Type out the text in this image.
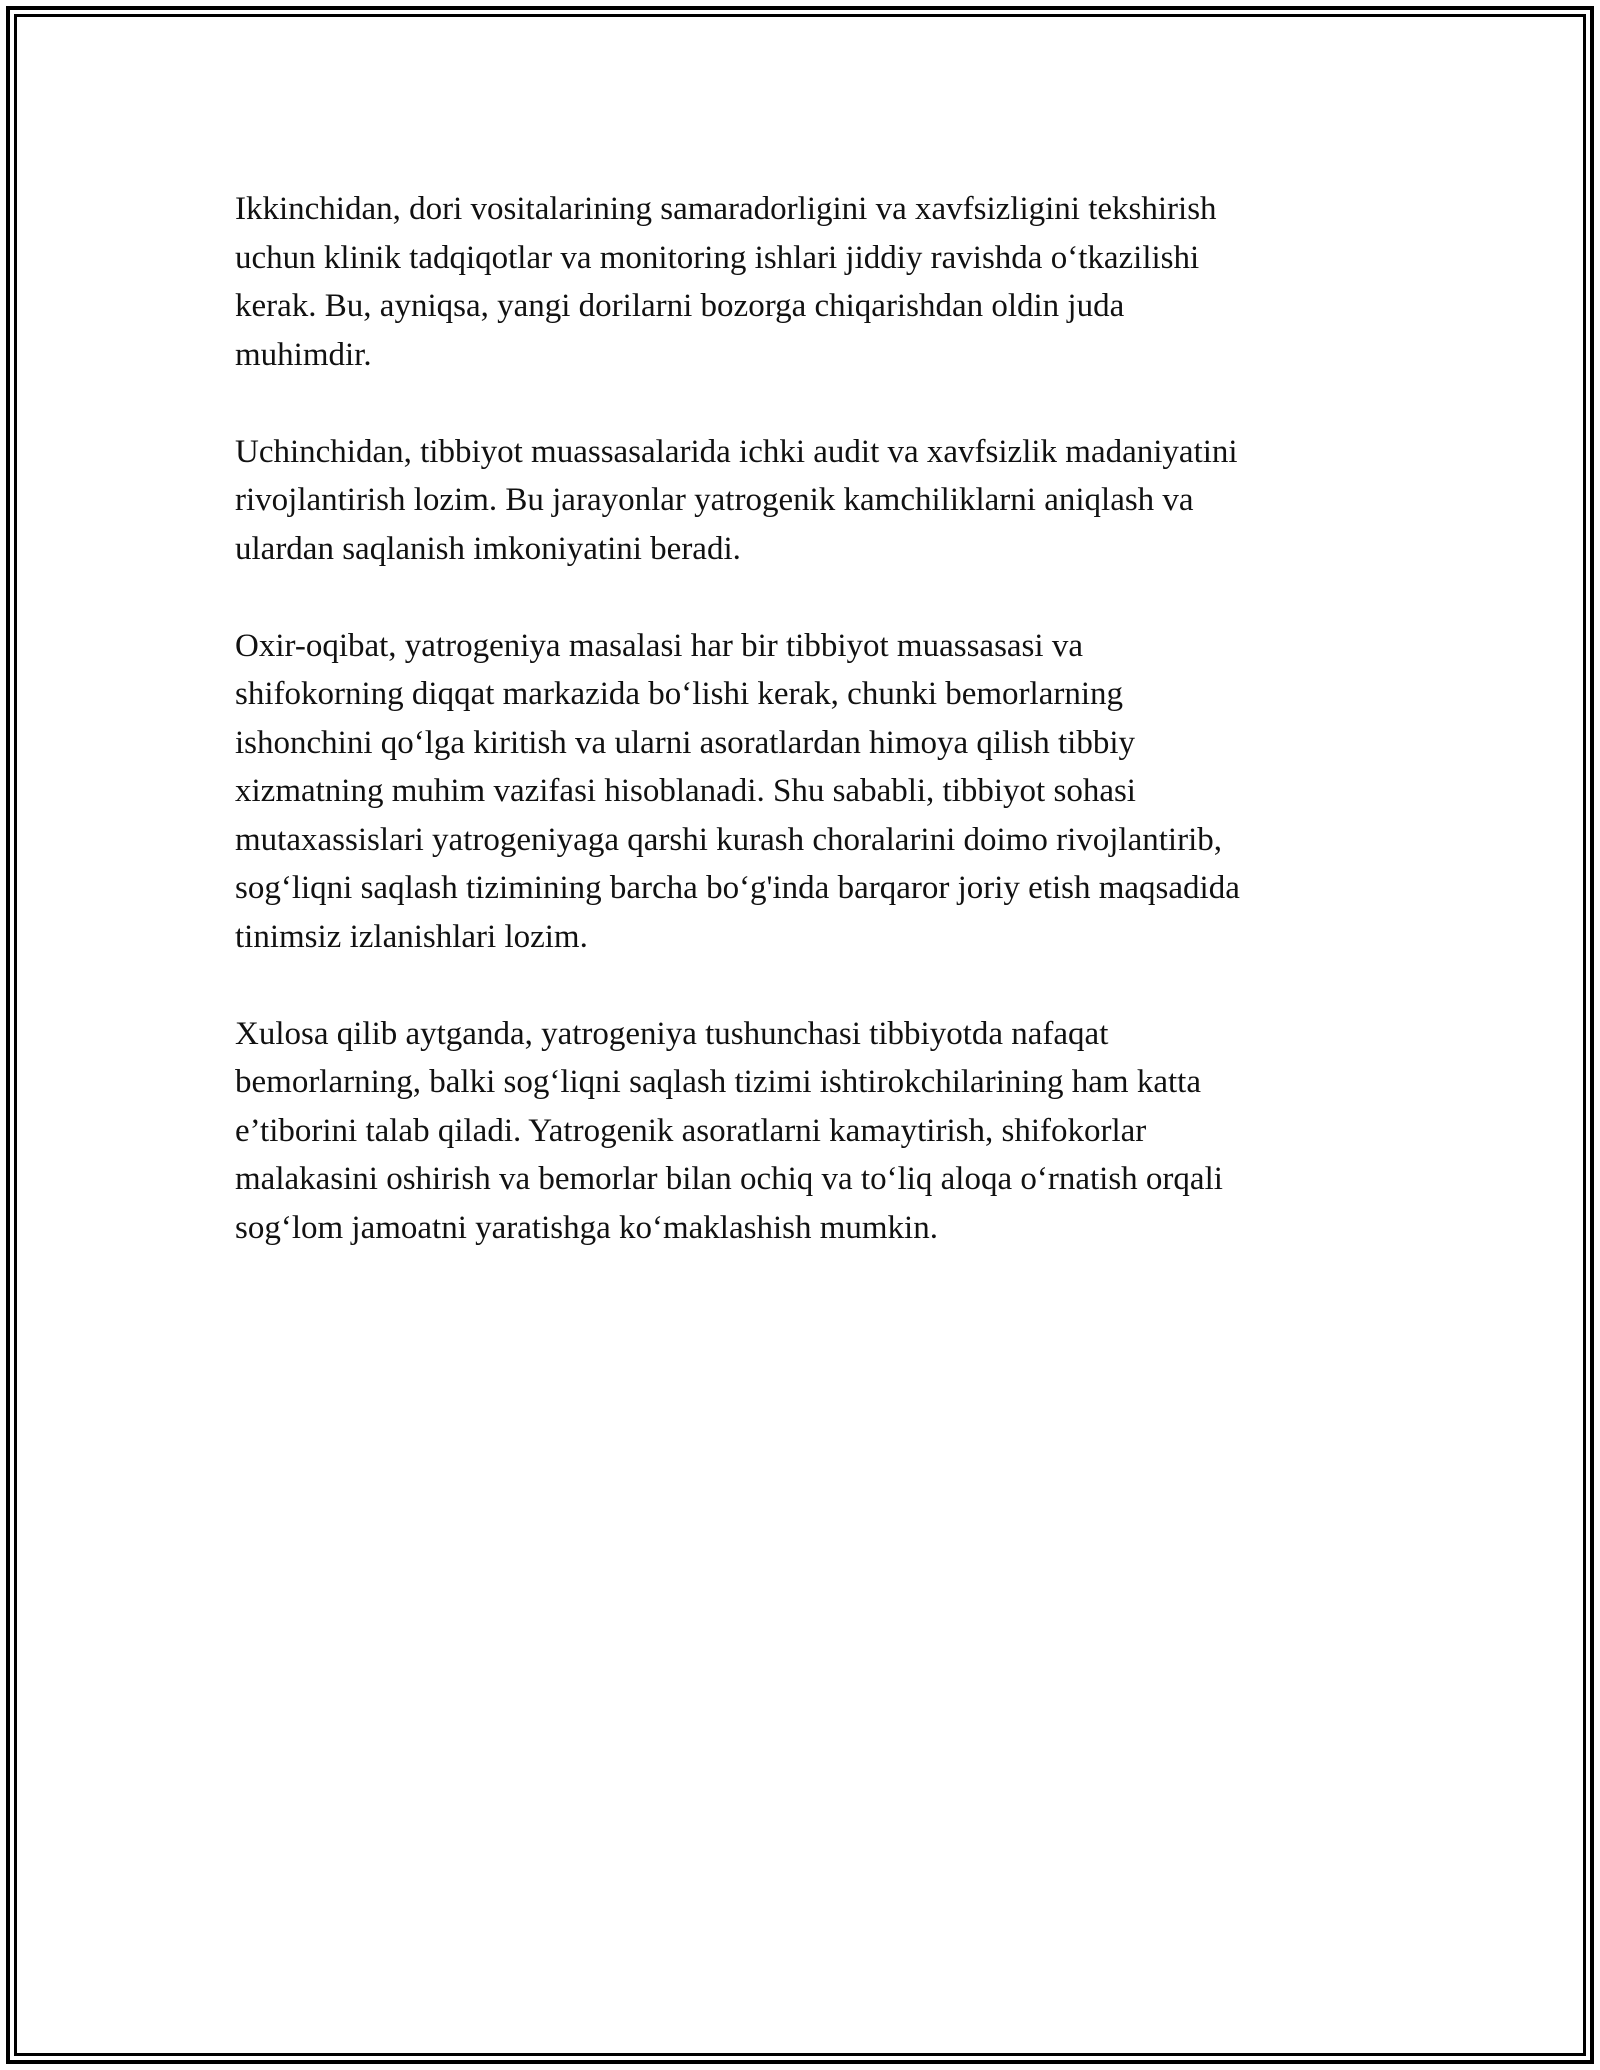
Ikkinchidan, dori vositalarining samaradorligini va xavfsizligini tekshirish
uchun klinik tadqiqotlar va monitoring ishlari jiddiy ravishda o‘tkazilishi
kerak. Bu, ayniqsa, yangi dorilarni bozorga chiqarishdan oldin juda
muhimdir.

Uchinchidan, tibbiyot muassasalarida ichki audit va xavfsizlik madaniyatini
rivojlantirish lozim. Bu jarayonlar yatrogenik kamchiliklarni aniqlash va
ulardan saqlanish imkoniyatini beradi.

Oxir-oqibat, yatrogeniya masalasi har bir tibbiyot muassasasi va
shifokorning diqqat markazida bo‘lishi kerak, chunki bemorlarning
ishonchini qo‘lga kiritish va ularni asoratlardan himoya qilish tibbiy
xizmatning muhim vazifasi hisoblanadi. Shu sababli, tibbiyot sohasi
mutaxassislari yatrogeniyaga qarshi kurash choralarini doimo rivojlantirib,
sog‘liqni saqlash tizimining barcha bo‘g'inda barqaror joriy etish maqsadida
tinimsiz izlanishlari lozim.

Xulosa qilib aytganda, yatrogeniya tushunchasi tibbiyotda nafaqat
bemorlarning, balki sog‘liqni saqlash tizimi ishtirokchilarining ham katta
e’tiborini talab qiladi. Yatrogenik asoratlarni kamaytirish, shifokorlar
malakasini oshirish va bemorlar bilan ochiq va to‘liq aloqa o‘rnatish orqali
sog‘lom jamoatni yaratishga ko‘maklashish mumkin.
